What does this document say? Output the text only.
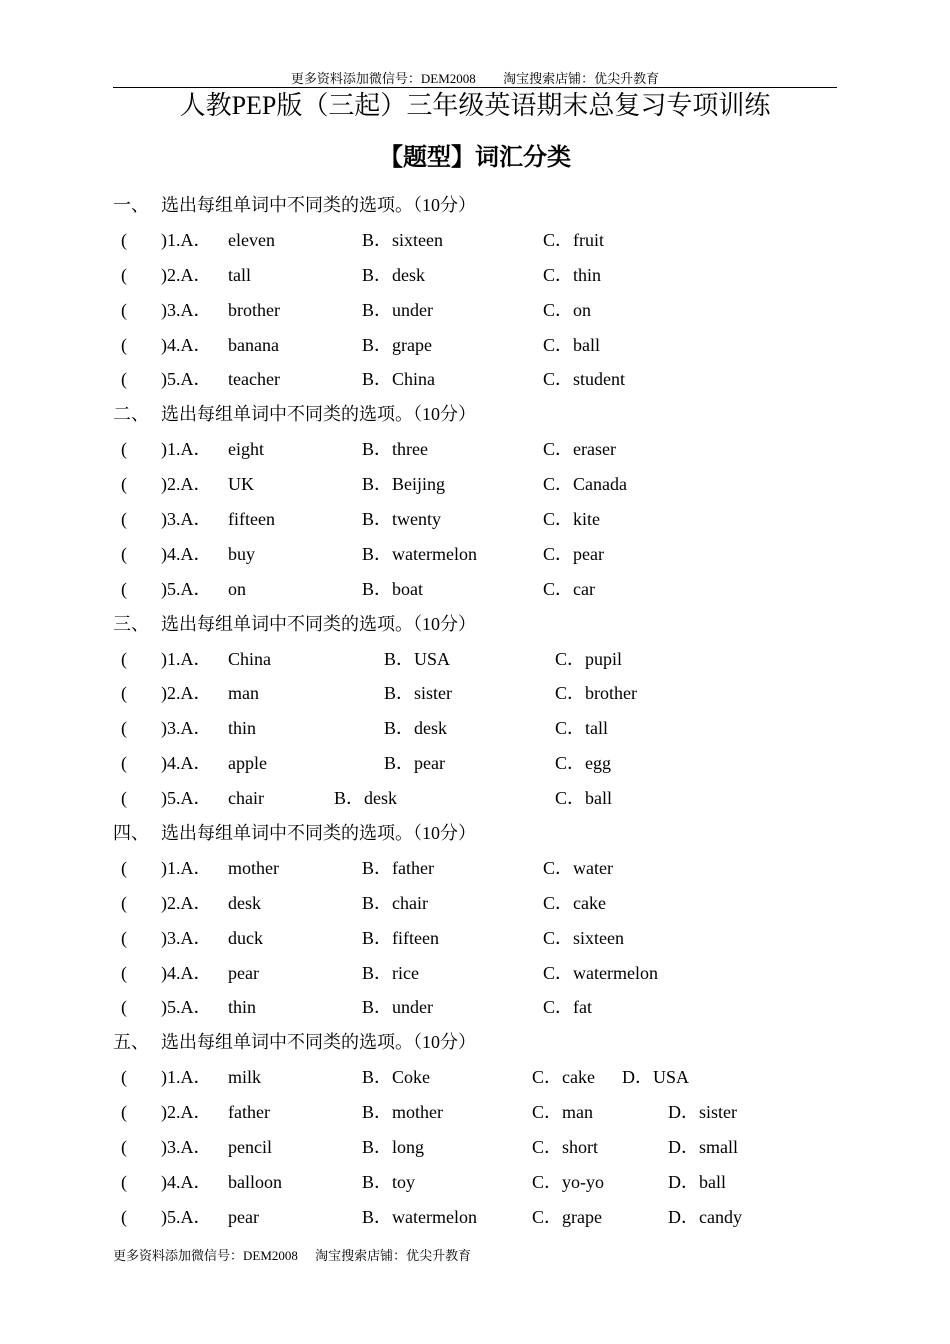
更多资料添加微信号：DEM2008 淘宝搜索店铺：优尖升教育
人教PEP版（三起）三年级英语期末总复习专项训练
【题型】词汇分类
一、 选出每组单词中不同类的选项。（10分）
( )1.A． eleven	B．sixteen	C．fruit
( )2.A． tall	B．desk	C．thin
( )3.A． brother	B．under	C．on
( )4.A． banana	B．grape	C．ball
( )5.A． teacher	B．China	C．student
二、 选出每组单词中不同类的选项。（10分）
( )1.A． eight	B．three	C．eraser
( )2.A． UK	B．Beijing	C．Canada
( )3.A． fifteen	B．twenty	C．kite
( )4.A． buy	B．watermelon	C．pear
( )5.A． on	B．boat	C．car
三、 选出每组单词中不同类的选项。（10分）
( )1.A． China	B．USA	C．pupil
( )2.A． man	B．sister	C．brother
( )3.A． thin	B．desk	C．tall
( )4.A． apple	B．pear	C．egg
( )5.A． chair	B．desk	C．ball
四、 选出每组单词中不同类的选项。（10分）
( )1.A． mother	B．father	C．water
( )2.A． desk	B．chair	C．cake
( )3.A． duck	B．fifteen	C．sixteen
( )4.A． pear	B．rice	C．watermelon
( )5.A． thin	B．under	C．fat
五、 选出每组单词中不同类的选项。（10分）
( )1.A． milk	B．Coke	C．cake D．USA
( )2.A． father	B．mother	C．man	D．sister
( )3.A． pencil	B．long	C．short	D．small
( )4.A． balloon	B．toy	C．yo-yo	D．ball
( )5.A． pear	B．watermelon	C．grape	D．candy
更多资料添加微信号：DEM2008 淘宝搜索店铺：优尖升教育
